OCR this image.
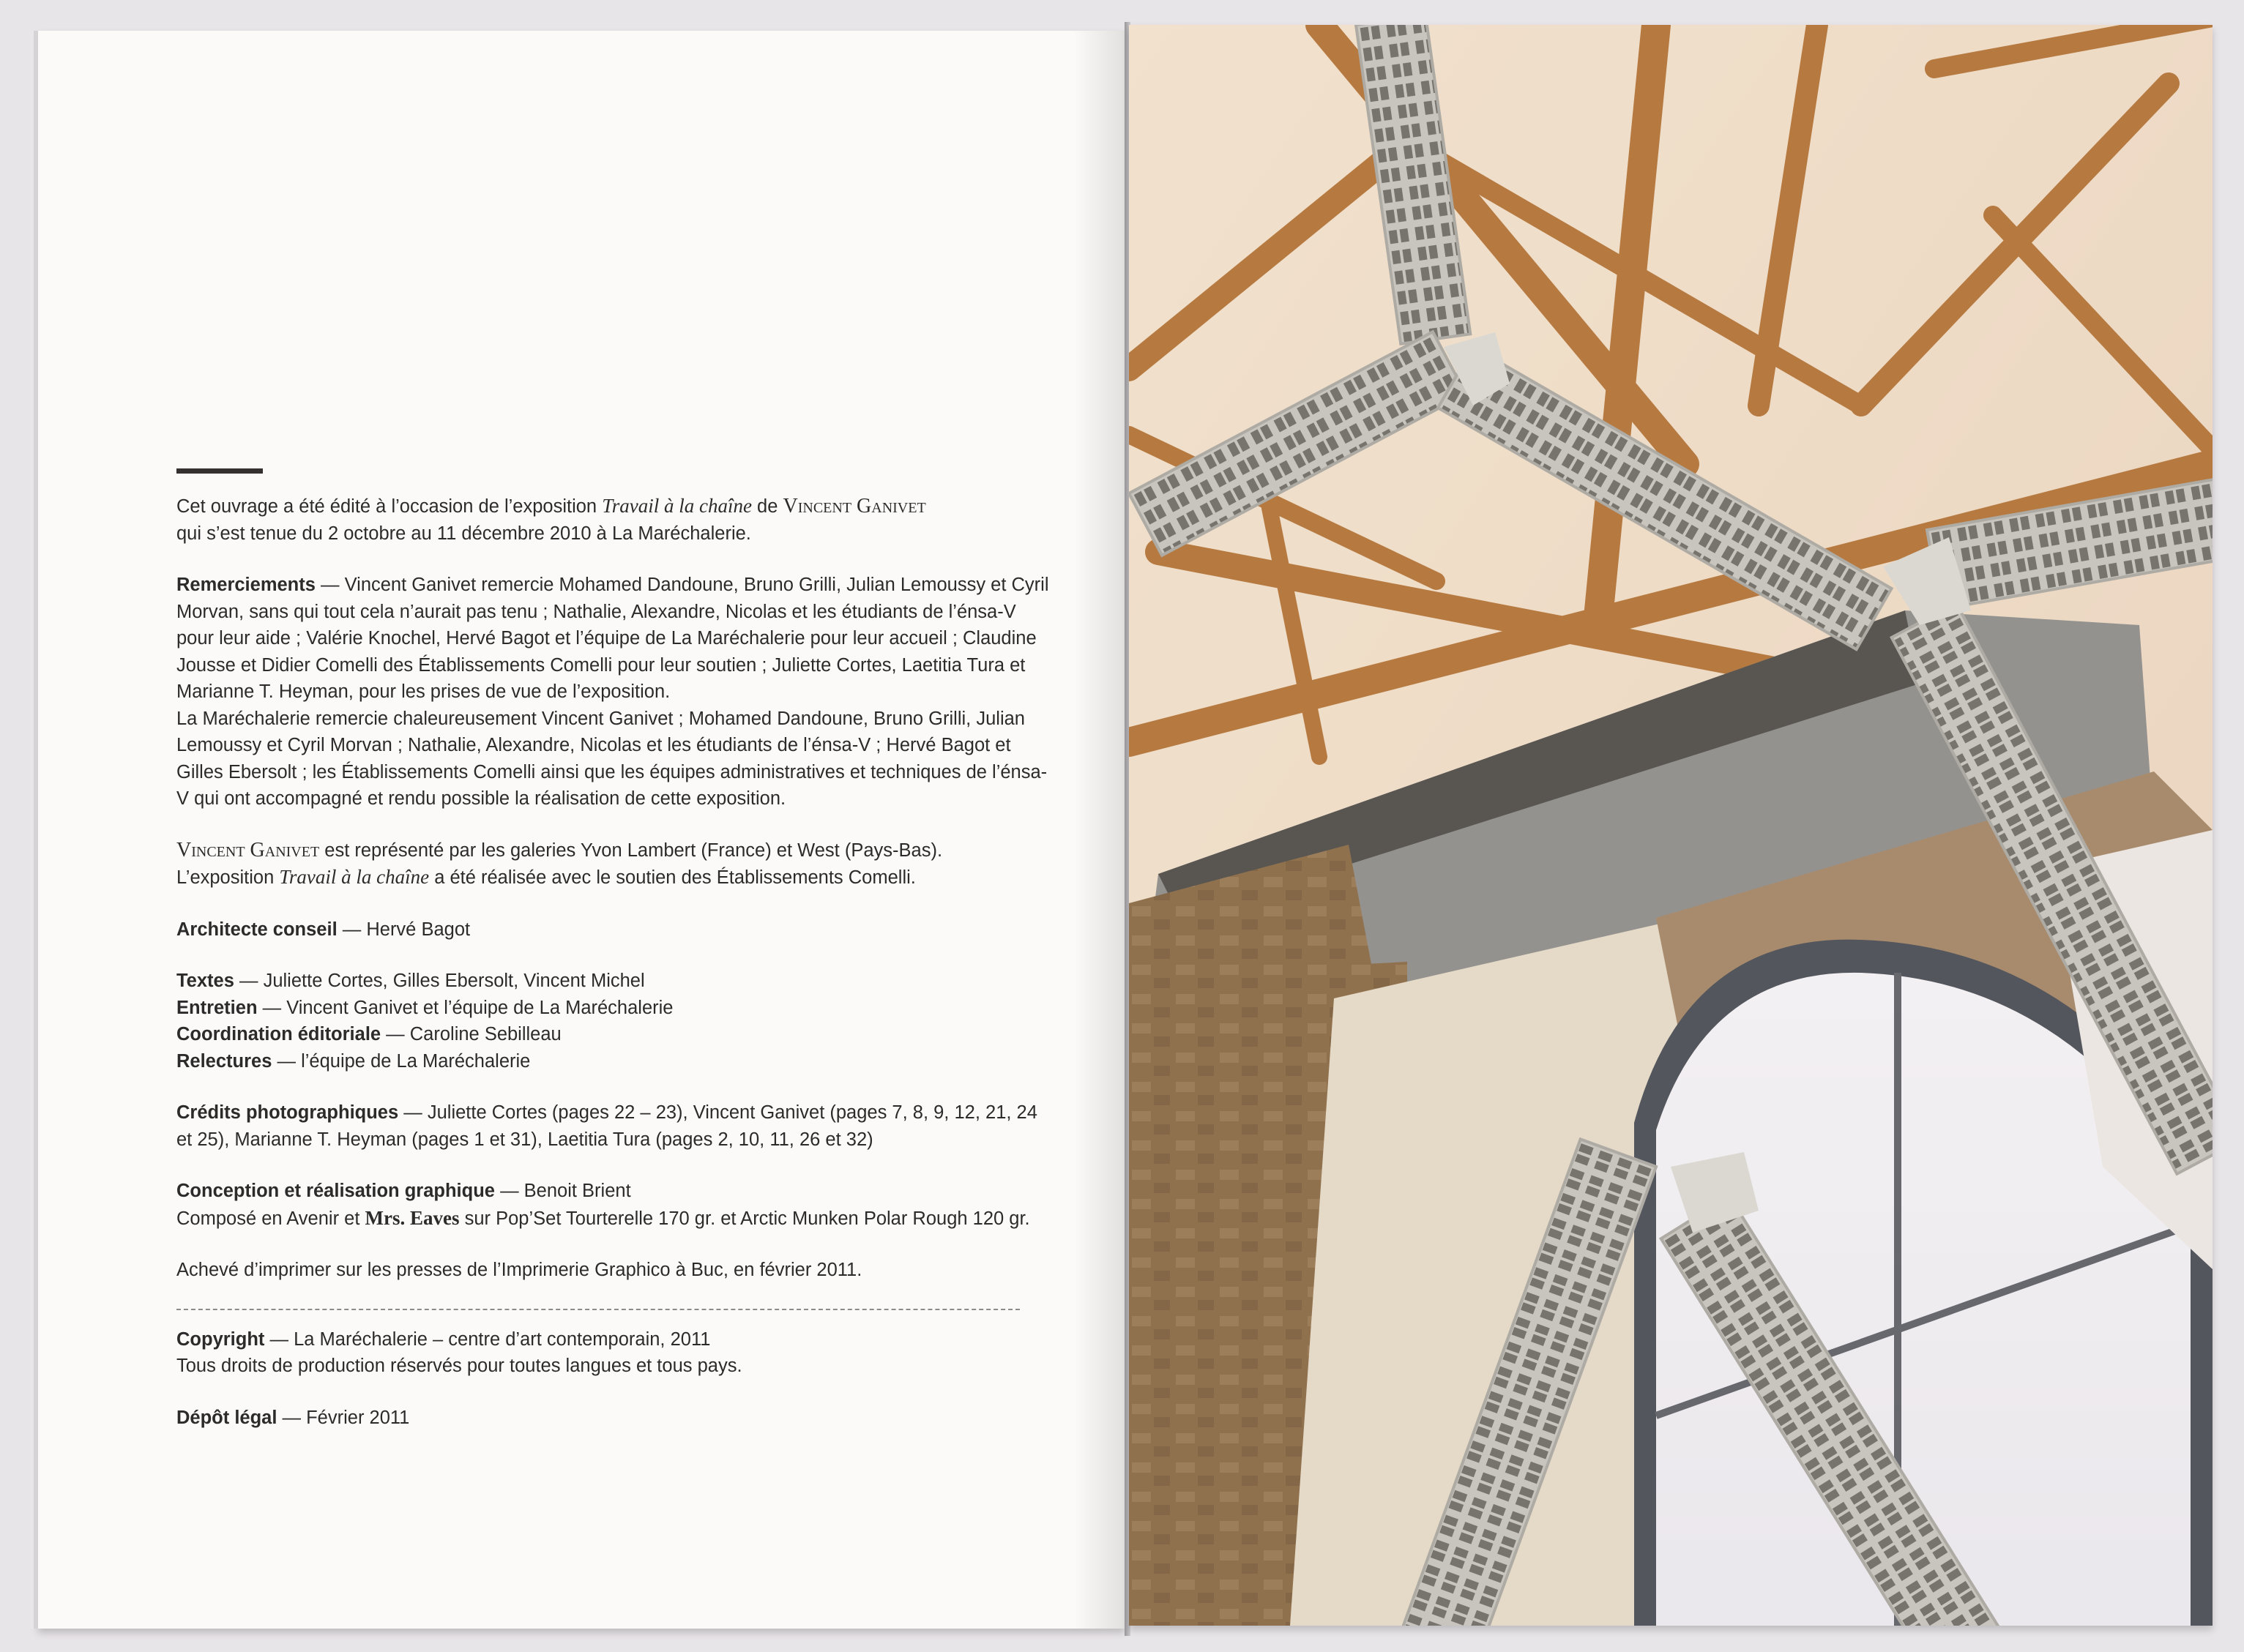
Cet ouvrage a été édité à l’occasion de l’exposition Travail à la chaîne de Vincent Ganivet
qui s’est tenue du 2 octobre au 11 décembre 2010 à La Maréchalerie.

Remerciements — Vincent Ganivet remercie Mohamed Dandoune, Bruno Grilli, Julian Lemoussy et Cyril Morvan, sans qui tout cela n’aurait pas tenu ; Nathalie, Alexandre, Nicolas et les étudiants de l’énsa-V pour leur aide ; Valérie Knochel, Hervé Bagot et l’équipe de La Maréchalerie pour leur accueil ; Claudine Jousse et Didier Comelli des Établissements Comelli pour leur soutien ; Juliette Cortes, Laetitia Tura et Marianne T. Heyman, pour les prises de vue de l’exposition.
La Maréchalerie remercie chaleureusement Vincent Ganivet ; Mohamed Dandoune, Bruno Grilli, Julian Lemoussy et Cyril Morvan ; Nathalie, Alexandre, Nicolas et les étudiants de l’énsa-V ; Hervé Bagot et Gilles Ebersolt ; les Établissements Comelli ainsi que les équipes administratives et techniques de l’énsa-V qui ont accompagné et rendu possible la réalisation de cette exposition.

Vincent Ganivet est représenté par les galeries Yvon Lambert (France) et West (Pays-Bas).
L’exposition Travail à la chaîne a été réalisée avec le soutien des Établissements Comelli.

Architecte conseil — Hervé Bagot

Textes — Juliette Cortes, Gilles Ebersolt, Vincent Michel
Entretien — Vincent Ganivet et l’équipe de La Maréchalerie
Coordination éditoriale — Caroline Sebilleau
Relectures — l’équipe de La Maréchalerie

Crédits photographiques — Juliette Cortes (pages 22 – 23), Vincent Ganivet (pages 7, 8, 9, 12, 21, 24 et 25), Marianne T. Heyman (pages 1 et 31), Laetitia Tura (pages 2, 10, 11, 26 et 32)

Conception et réalisation graphique — Benoit Brient
Composé en Avenir et Mrs. Eaves sur Pop’Set Tourterelle 170 gr. et Arctic Munken Polar Rough 120 gr.

Achevé d’imprimer sur les presses de l’Imprimerie Graphico à Buc, en février 2011.

Copyright — La Maréchalerie – centre d’art contemporain, 2011
Tous droits de production réservés pour toutes langues et tous pays.

Dépôt légal — Février 2011
